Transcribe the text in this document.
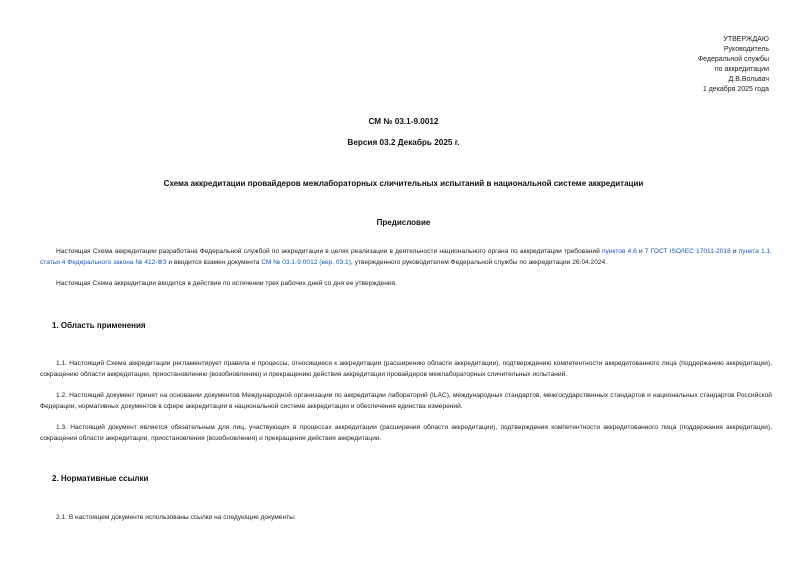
УТВЕРЖДАЮ
Руководитель
Федеральной службы
по аккредитации
Д.В.Вольвач
1 декабря 2025 года
СМ № 03.1-9.0012
Версия 03.2 Декабрь 2025 г.
Схема аккредитации провайдеров межлабораторных сличительных испытаний в национальной системе аккредитации
Предисловие
Настоящая Схема аккредитации разработана Федеральной службой по аккредитации в целях реализации в деятельности национального органа по аккредитации требований пунктов 4.6 и 7 ГОСТ ISO/IEC 17011-2018 и пункта 1.1. статьи 4 Федерального закона № 412-ФЗ и вводится взамен документа СМ № 03.1-9.0012 (вер. 03.1), утвержденного руководителем Федеральной службы по аккредитации 26.04.2024.
Настоящая Схема аккредитации вводится в действие по истечении трех рабочих дней со дня ее утверждения.
1. Область применения
1.1. Настоящий Схема аккредитации регламентирует правила и процессы, относящиеся к аккредитации (расширению области аккредитации), подтверждению компетентности аккредитованного лица (поддержанию аккредитации), сокращению области аккредитации, приостановлению (возобновлению) и прекращению действия аккредитации провайдеров межлабораторных сличительных испытаний.
1.2. Настоящий документ принят на основании документов Международной организации по аккредитации лабораторий (ILAC), международных стандартов, межгосударственных стандартов и национальных стандартов Российской Федерации, нормативных документов в сфере аккредитации в национальной системе аккредитации и обеспечения единства измерений.
1.3. Настоящий документ является обязательным для лиц, участвующих в процессах аккредитации (расширения области аккредитации), подтверждения компетентности аккредитованного лица (поддержания аккредитации), сокращения области аккредитации, приостановления (возобновления) и прекращения действия аккредитации.
2. Нормативные ссылки
2.1. В настоящем документе использованы ссылки на следующие документы:
